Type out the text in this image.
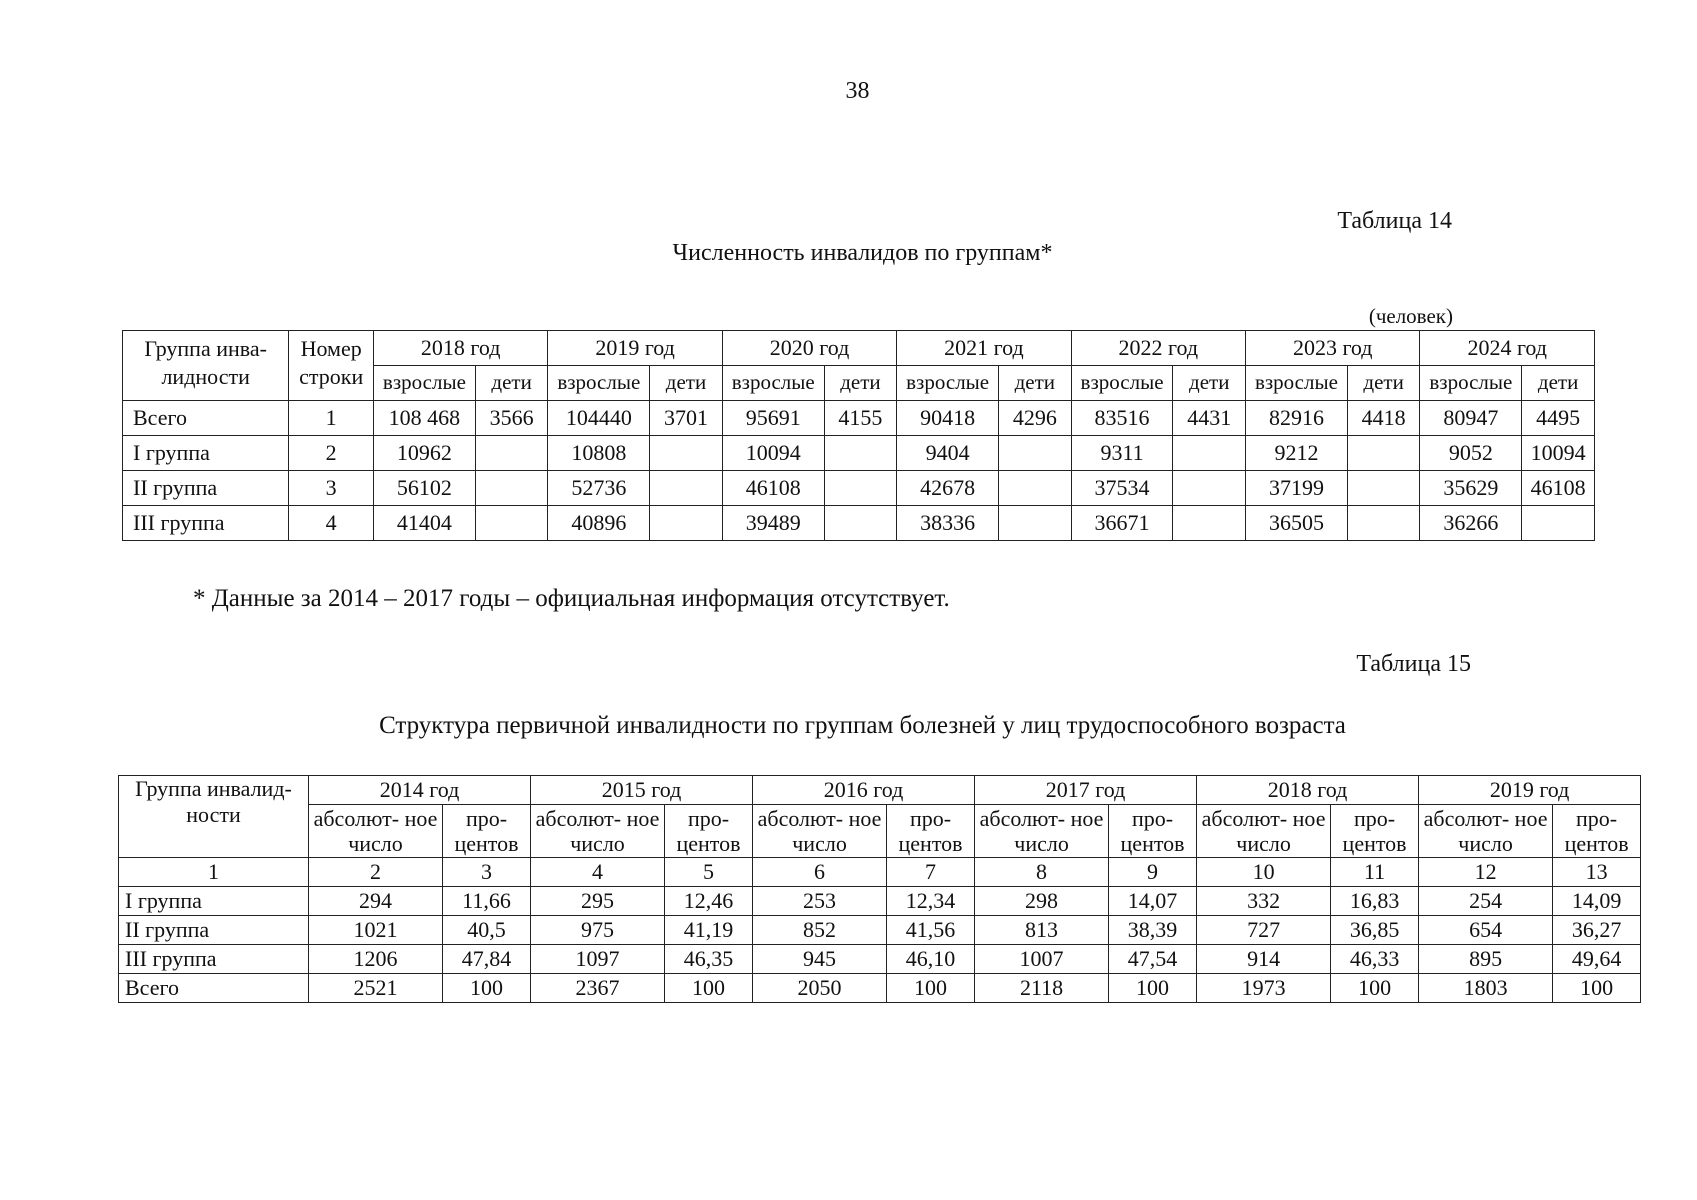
38
Таблица 14
Численность инвалидов по группам*
(человек)
Группа инва- лидности	Номер строки	2018 год		2019 год		2020 год		2021 год		2022 год		2023 год		2024 год	
		взрослые	дети	взрослые	дети	взрослые	дети	взрослые	дети	взрослые	дети	взрослые	дети	взрослые	дети
Всего	1	108 468	3566	104440	3701	95691	4155	90418	4296	83516	4431	82916	4418	80947	4495
I группа	2	10962		10808		10094		9404		9311		9212		9052	10094
II группа	3	56102		52736		46108		42678		37534		37199		35629	46108
III группа	4	41404		40896		39489		38336		36671		36505		36266	
* Данные за 2014 – 2017 годы – официальная информация отсутствует.
Таблица 15
Структура первичной инвалидности по группам болезней у лиц трудоспособного возраста
Группа инвалид- ности	2014 год		2015 год		2016 год		2017 год		2018 год		2019 год	
	абсолют- ное число	про- центов	абсолют- ное число	про- центов	абсолют- ное число	про- центов	абсолют- ное число	про- центов	абсолют- ное число	про- центов	абсолют- ное число	про- центов
1	2	3	4	5	6	7	8	9	10	11	12	13
I группа	294	11,66	295	12,46	253	12,34	298	14,07	332	16,83	254	14,09
II группа	1021	40,5	975	41,19	852	41,56	813	38,39	727	36,85	654	36,27
III группа	1206	47,84	1097	46,35	945	46,10	1007	47,54	914	46,33	895	49,64
Всего	2521	100	2367	100	2050	100	2118	100	1973	100	1803	100
